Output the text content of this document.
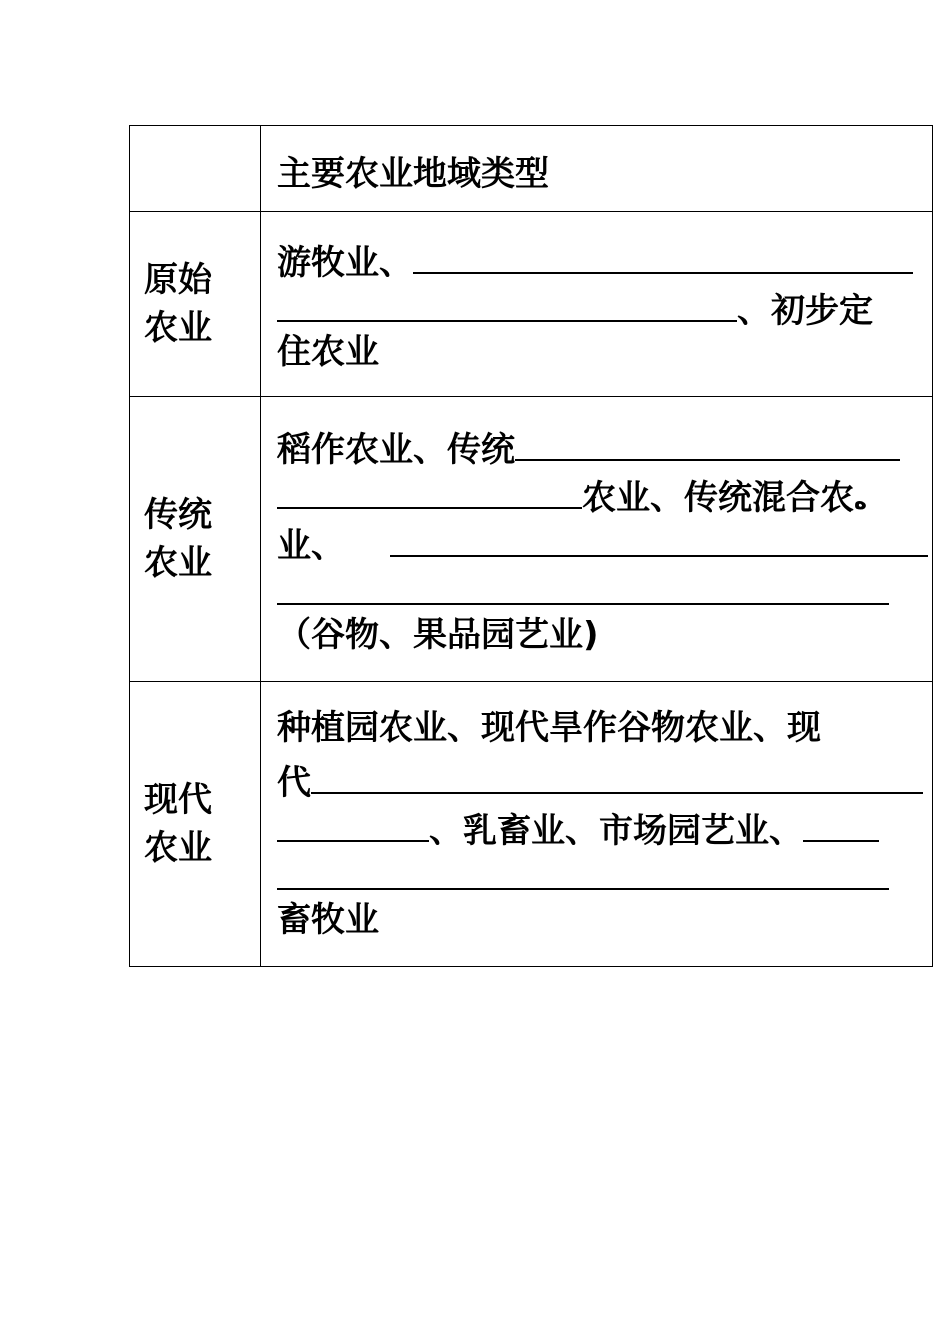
	主要农业地域类型

原始
农业	游牧业、
、初步定
住农业

传统
农业	稻作农业、传统
农业、传统混合农ه
业、
（谷物、果品园艺业)

现代
农业	种植园农业、现代旱作谷物农业、现
代
、乳畜业、市场园艺业、
畜牧业
